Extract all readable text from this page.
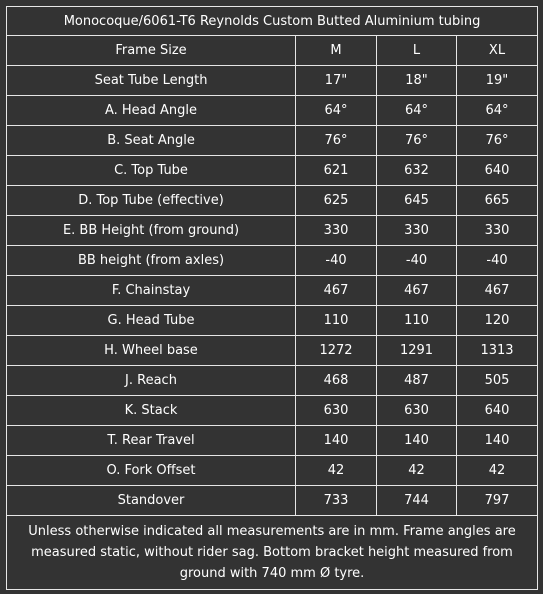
Monocoque/6061-T6 Reynolds Custom Butted Aluminium tubing			
Frame Size	M	L	XL
Seat Tube Length	17"	18"	19"
A. Head Angle	64°	64°	64°
B. Seat Angle	76°	76°	76°
C. Top Tube	621	632	640
D. Top Tube (effective)	625	645	665
E. BB Height (from ground)	330	330	330
BB height (from axles)	-40	-40	-40
F. Chainstay	467	467	467
G. Head Tube	110	110	120
H. Wheel base	1272	1291	1313
J. Reach	468	487	505
K. Stack	630	630	640
T. Rear Travel	140	140	140
O. Fork Offset	42	42	42
Standover	733	744	797
Unless otherwise indicated all measurements are in mm. Frame angles are measured static, without rider sag. Bottom bracket height measured from ground with 740 mm Ø tyre.			
